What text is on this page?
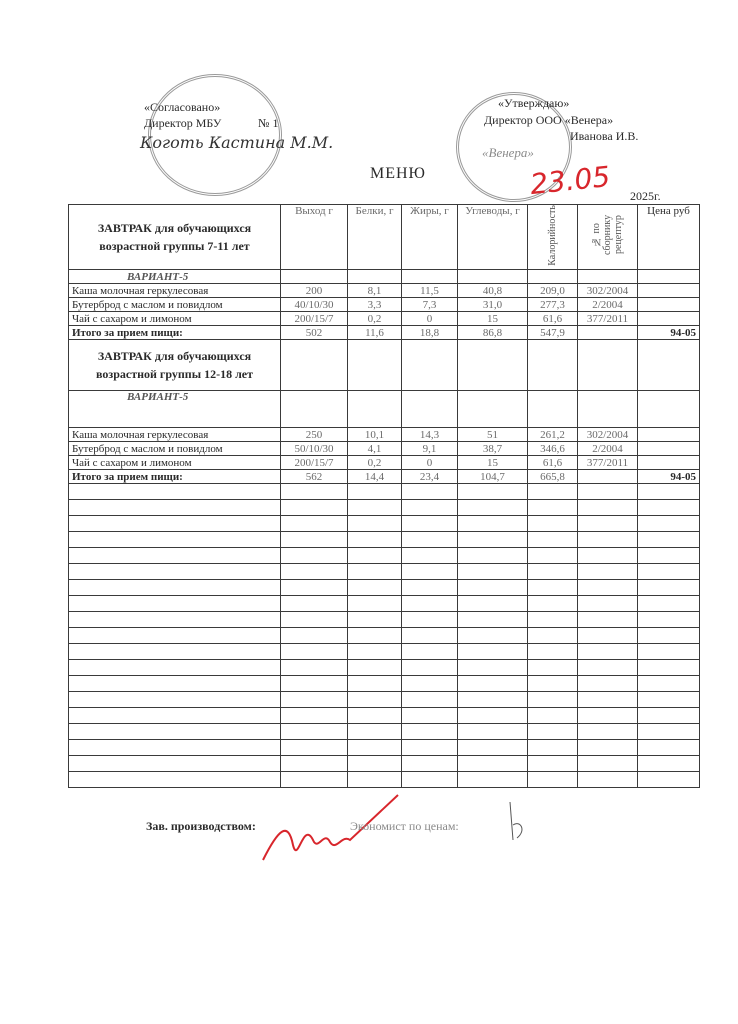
«Согласовано»
Директор МБУ	№ 1
Коготь Кастина М.М.
«Венера»
«Утверждаю»
Директор ООО «Венера»
Иванова И.В.
МЕНЮ	23.05 2025г.
ЗАВТРАК для обучающихся возрастной группы 7-11 лет	Выход г	Белки, г	Жиры, г	Углеводы, г	Калорийность	№ по сборнику рецептур	Цена руб
ВАРИАНТ-5							
Каша молочная геркулесовая	200	8,1	11,5	40,8	209,0	302/2004	
Бутерброд с маслом и повидлом	40/10/30	3,3	7,3	31,0	277,3	2/2004	
Чай с сахаром и лимоном	200/15/7	0,2	0	15	61,6	377/2011	
Итого за прием пищи:	502	11,6	18,8	86,8	547,9		94-05
ЗАВТРАК для обучающихся возрастной группы 12-18 лет							
ВАРИАНТ-5							
Каша молочная геркулесовая	250	10,1	14,3	51	261,2	302/2004	
Бутерброд с маслом и повидлом	50/10/30	4,1	9,1	38,7	346,6	2/2004	
Чай с сахаром и лимоном	200/15/7	0,2	0	15	61,6	377/2011	
Итого за прием пищи:	562	14,4	23,4	104,7	665,8		94-05

Зав. производством:	Экономист по ценам:
